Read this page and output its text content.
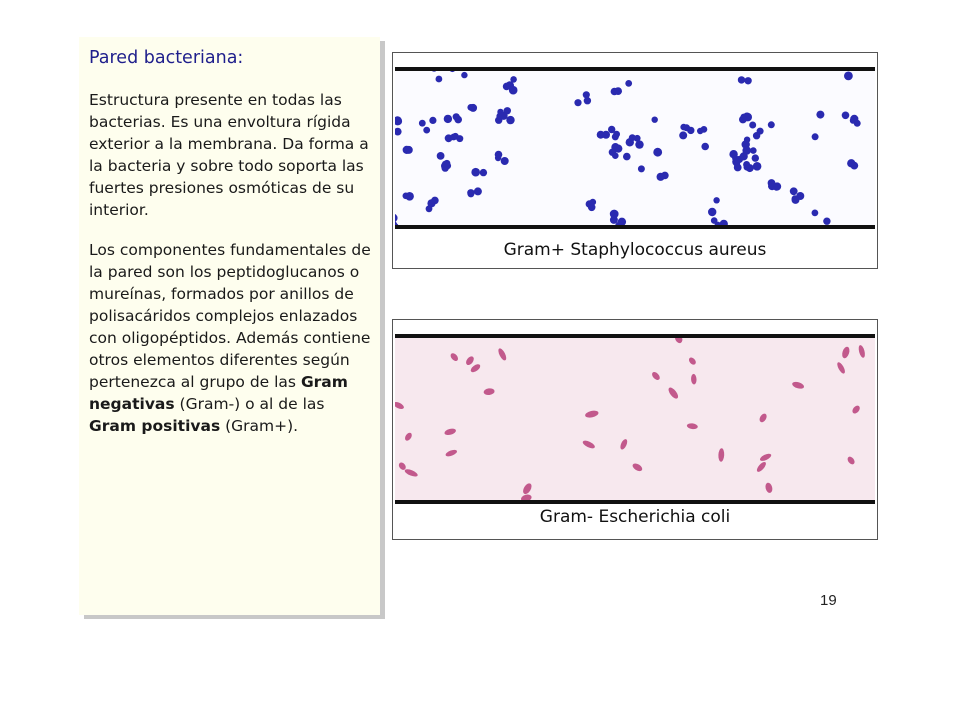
Pared bacteriana:

Estructura presente en todas las bacterias. Es una envoltura rígida exterior a la membrana. Da forma a la bacteria y sobre todo soporta las fuertes presiones osmóticas de su interior.

Los componentes fundamentales de la pared son los peptidoglucanos o mureínas, formados por anillos de polisacáridos complejos enlazados con oligopéptidos. Además contiene otros elementos diferentes según pertenezca al grupo de las Gram negativas (Gram-) o al de las Gram positivas (Gram+).

Gram+ Staphylococcus aureus
Gram- Escherichia coli
19
